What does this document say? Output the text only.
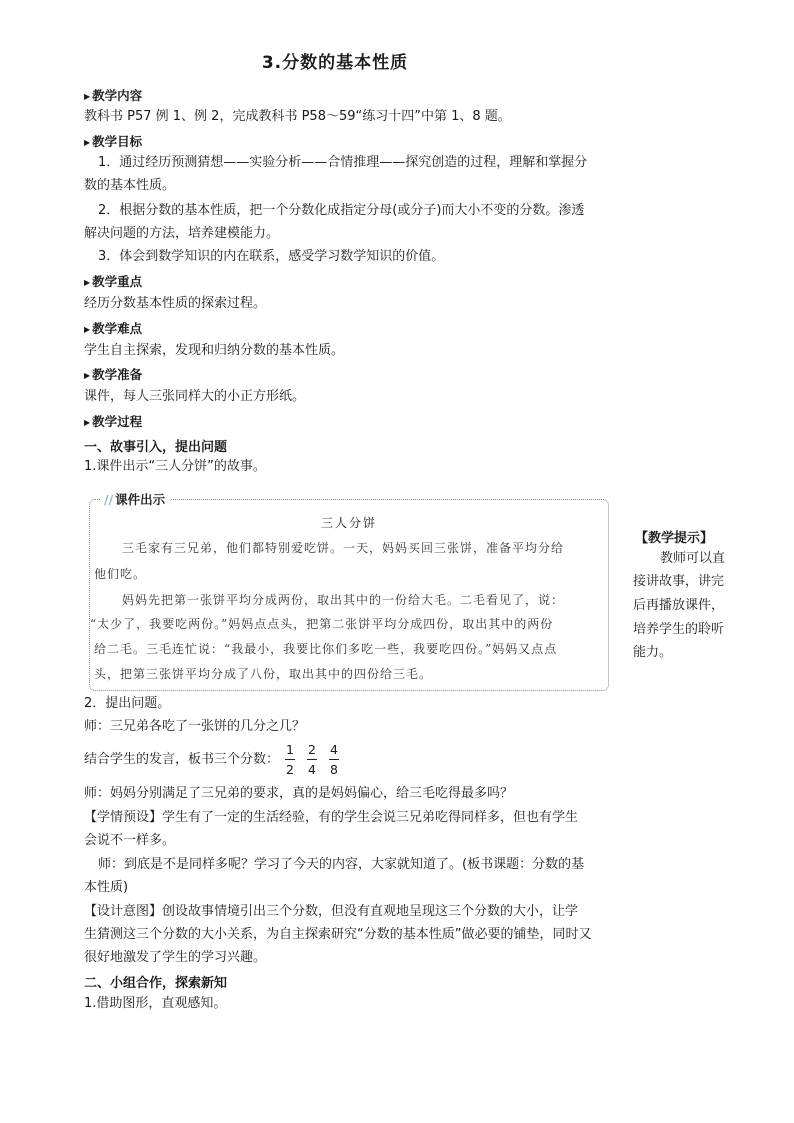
3.分数的基本性质
▶ 教学内容
教科书 P57 例 1、例 2，完成教科书 P58～59“练习十四”中第 1、8 题。
▶ 教学目标
1．通过经历预测猜想——实验分析——合情推理——探究创造的过程，理解和掌握分
数的基本性质。
2．根据分数的基本性质，把一个分数化成指定分母(或分子)而大小不变的分数。渗透
解决问题的方法，培养建模能力。
3．体会到数学知识的内在联系，感受学习数学知识的价值。
▶ 教学重点
经历分数基本性质的探索过程。
▶ 教学难点
学生自主探索，发现和归纳分数的基本性质。
▶ 教学准备
课件，每人三张同样大的小正方形纸。
▶ 教学过程
一、故事引入，提出问题
1.课件出示“三人分饼”的故事。
// 课件出示
三人分饼
三毛家有三兄弟，他们都特别爱吃饼。一天，妈妈买回三张饼，准备平均分给
他们吃。
妈妈先把第一张饼平均分成两份，取出其中的一份给大毛。二毛看见了，说：
“太少了，我要吃两份。”妈妈点点头，把第二张饼平均分成四份，取出其中的两份
给二毛。三毛连忙说：“我最小，我要比你们多吃一些，我要吃四份。”妈妈又点点
头，把第三张饼平均分成了八份，取出其中的四份给三毛。
【教学提示】
教师可以直
接讲故事，讲完
后再播放课件，
培养学生的聆听
能力。
2．提出问题。
师：三兄弟各吃了一张饼的几分之几？
结合学生的发言，板书三个分数： $\frac{1}{2} \frac{2}{4} \frac{4}{8}$
师：妈妈分别满足了三兄弟的要求，真的是妈妈偏心，给三毛吃得最多吗？
【学情预设】学生有了一定的生活经验，有的学生会说三兄弟吃得同样多，但也有学生
会说不一样多。
师：到底是不是同样多呢？学习了今天的内容，大家就知道了。(板书课题：分数的基
本性质)
【设计意图】创设故事情境引出三个分数，但没有直观地呈现这三个分数的大小，让学
生猜测这三个分数的大小关系，为自主探索研究“分数的基本性质”做必要的铺垫，同时又
很好地激发了学生的学习兴趣。
二、小组合作，探索新知
1.借助图形，直观感知。
